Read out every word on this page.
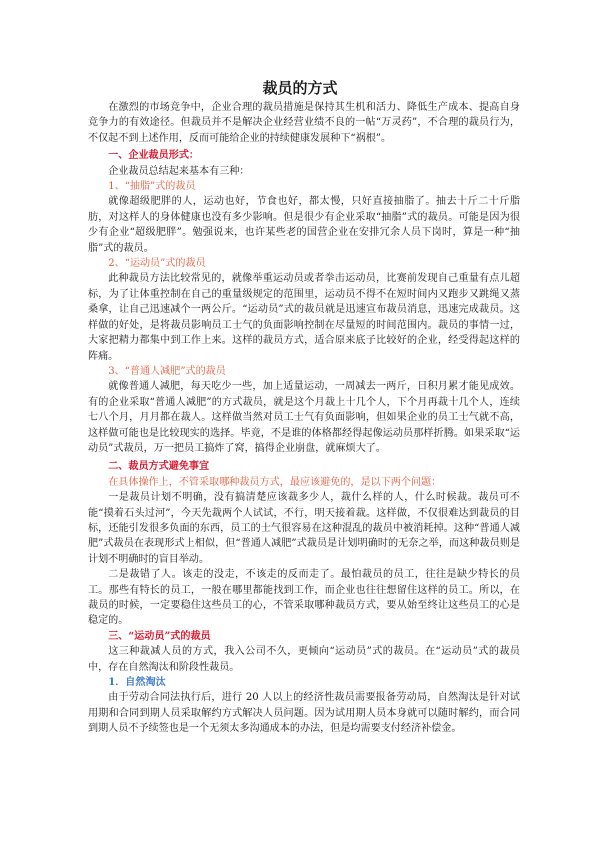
裁员的方式

在激烈的市场竞争中，企业合理的裁员措施是保持其生机和活力、降低生产成本、提高自身竞争力的有效途径。但裁员并不是解决企业经营业绩不良的一帖“万灵药”，不合理的裁员行为，不仅起不到上述作用，反而可能给企业的持续健康发展种下“祸根”。

一、企业裁员形式：

企业裁员总结起来基本有三种：

1、“抽脂”式的裁员

就像超级肥胖的人，运动也好，节食也好，都太慢，只好直接抽脂了。抽去十斤二十斤脂肪，对这样人的身体健康也没有多少影响。但是很少有企业采取“抽脂”式的裁员。可能是因为很少有企业“超级肥胖”。勉强说来，也许某些老的国营企业在安排冗余人员下岗时，算是一种“抽脂”式的裁员。

2、“运动员”式的裁员

此种裁员方法比较常见的，就像举重运动员或者拳击运动员，比赛前发现自己重量有点儿超标，为了让体重控制在自己的重量级规定的范围里，运动员不得不在短时间内又跑步又跳绳又蒸桑拿，让自己迅速减个一两公斤。“运动员”式的裁员就是迅速宣布裁员消息，迅速完成裁员。这样做的好处，是将裁员影响员工士气的负面影响控制在尽量短的时间范围内。裁员的事情一过，大家把精力都集中到工作上来。这样的裁员方式，适合原来底子比较好的企业，经受得起这样的阵痛。

3、“普通人减肥”式的裁员

就像普通人减肥，每天吃少一些，加上适量运动，一周减去一两斤，日积月累才能见成效。有的企业采取“普通人减肥”的方式裁员，就是这个月裁上十几个人，下个月再裁十几个人，连续七八个月，月月都在裁人。这样做当然对员工士气有负面影响，但如果企业的员工士气就不高，这样做可能也是比较现实的选择。毕竟，不是谁的体格都经得起像运动员那样折腾。如果采取“运动员”式裁员，万一把员工搞炸了窝，搞得企业崩盘，就麻烦大了。

二、裁员方式避免事宜
在具体操作上，不管采取哪种裁员方式，最应该避免的，是以下两个问题：

一是裁员计划不明确，没有搞清楚应该裁多少人，裁什么样的人，什么时候裁。裁员可不能“摸着石头过河”，今天先裁两个人试试，不行，明天接着裁。这样做，不仅很难达到裁员的目标，还能引发很多负面的东西，员工的士气很容易在这种混乱的裁员中被消耗掉。这种“普通人减肥”式裁员在表现形式上相似，但“普通人减肥”式裁员是计划明确时的无奈之举，而这种裁员则是计划不明确时的盲目举动。

二是裁错了人。该走的没走，不该走的反而走了。最怕裁员的员工，往往是缺少特长的员工。那些有特长的员工，一般在哪里都能找到工作，而企业也往往想留住这样的员工。所以，在裁员的时候，一定要稳住这些员工的心，不管采取哪种裁员方式，要从始至终让这些员工的心是稳定的。

三、“运动员”式的裁员

这三种裁减人员的方式，我入公司不久，更倾向“运动员”式的裁员。在“运动员”式的裁员中，存在自然淘汰和阶段性裁员。

1．自然淘汰

由于劳动合同法执行后，进行 20 人以上的经济性裁员需要报备劳动局，自然淘汰是针对试用期和合同到期人员采取解约方式解决人员问题。因为试用期人员本身就可以随时解约，而合同到期人员不予续签也是一个无须太多沟通成本的办法，但是均需要支付经济补偿金。
